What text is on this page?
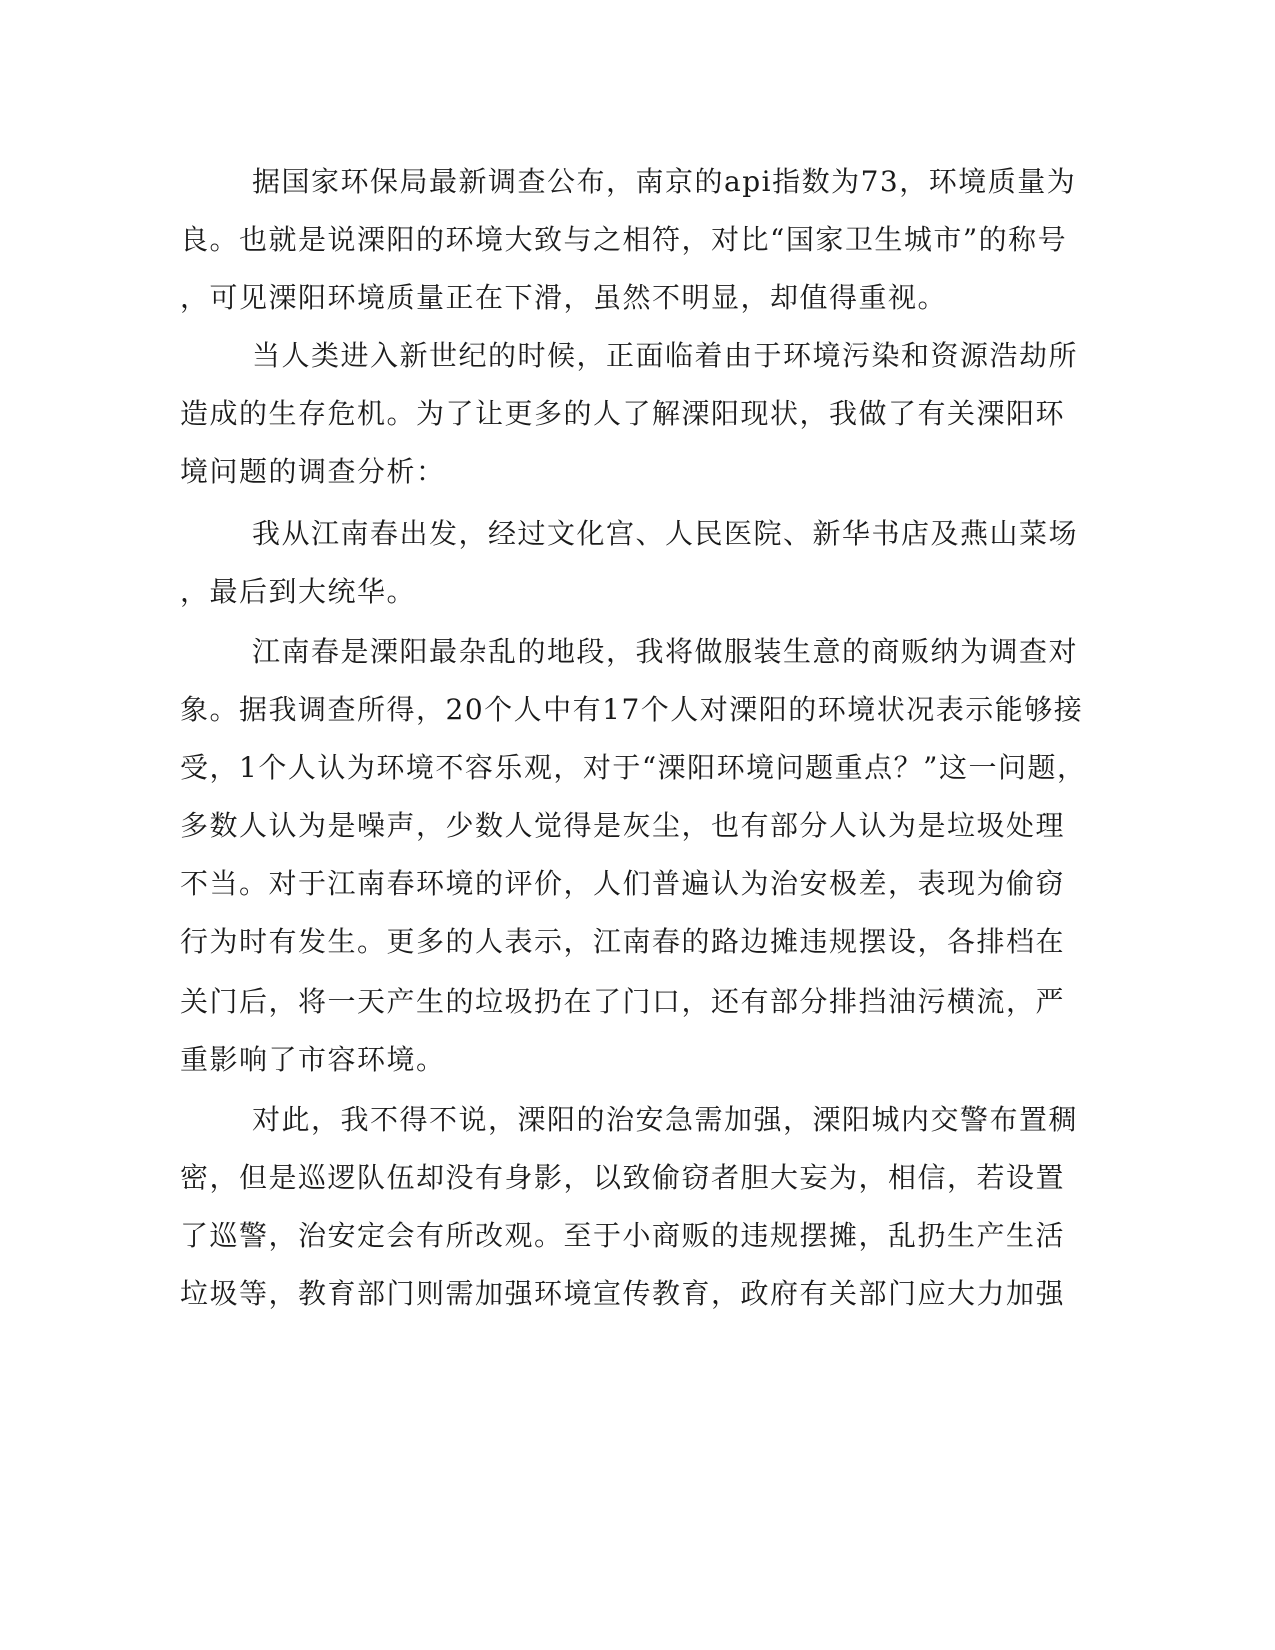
据国家环保局最新调查公布，南京的api指数为73，环境质量为
良。也就是说溧阳的环境大致与之相符，对比“国家卫生城市”的称号
，可见溧阳环境质量正在下滑，虽然不明显，却值得重视。
当人类进入新世纪的时候，正面临着由于环境污染和资源浩劫所
造成的生存危机。为了让更多的人了解溧阳现状，我做了有关溧阳环
境问题的调查分析：
我从江南春出发，经过文化宫、人民医院、新华书店及燕山菜场
，最后到大统华。
江南春是溧阳最杂乱的地段，我将做服装生意的商贩纳为调查对
象。据我调查所得，20个人中有17个人对溧阳的环境状况表示能够接
受，1个人认为环境不容乐观，对于“溧阳环境问题重点？”这一问题，
多数人认为是噪声，少数人觉得是灰尘，也有部分人认为是垃圾处理
不当。对于江南春环境的评价，人们普遍认为治安极差，表现为偷窃
行为时有发生。更多的人表示，江南春的路边摊违规摆设，各排档在
关门后，将一天产生的垃圾扔在了门口，还有部分排挡油污横流，严
重影响了市容环境。
对此，我不得不说，溧阳的治安急需加强，溧阳城内交警布置稠
密，但是巡逻队伍却没有身影，以致偷窃者胆大妄为，相信，若设置
了巡警，治安定会有所改观。至于小商贩的违规摆摊，乱扔生产生活
垃圾等，教育部门则需加强环境宣传教育，政府有关部门应大力加强
